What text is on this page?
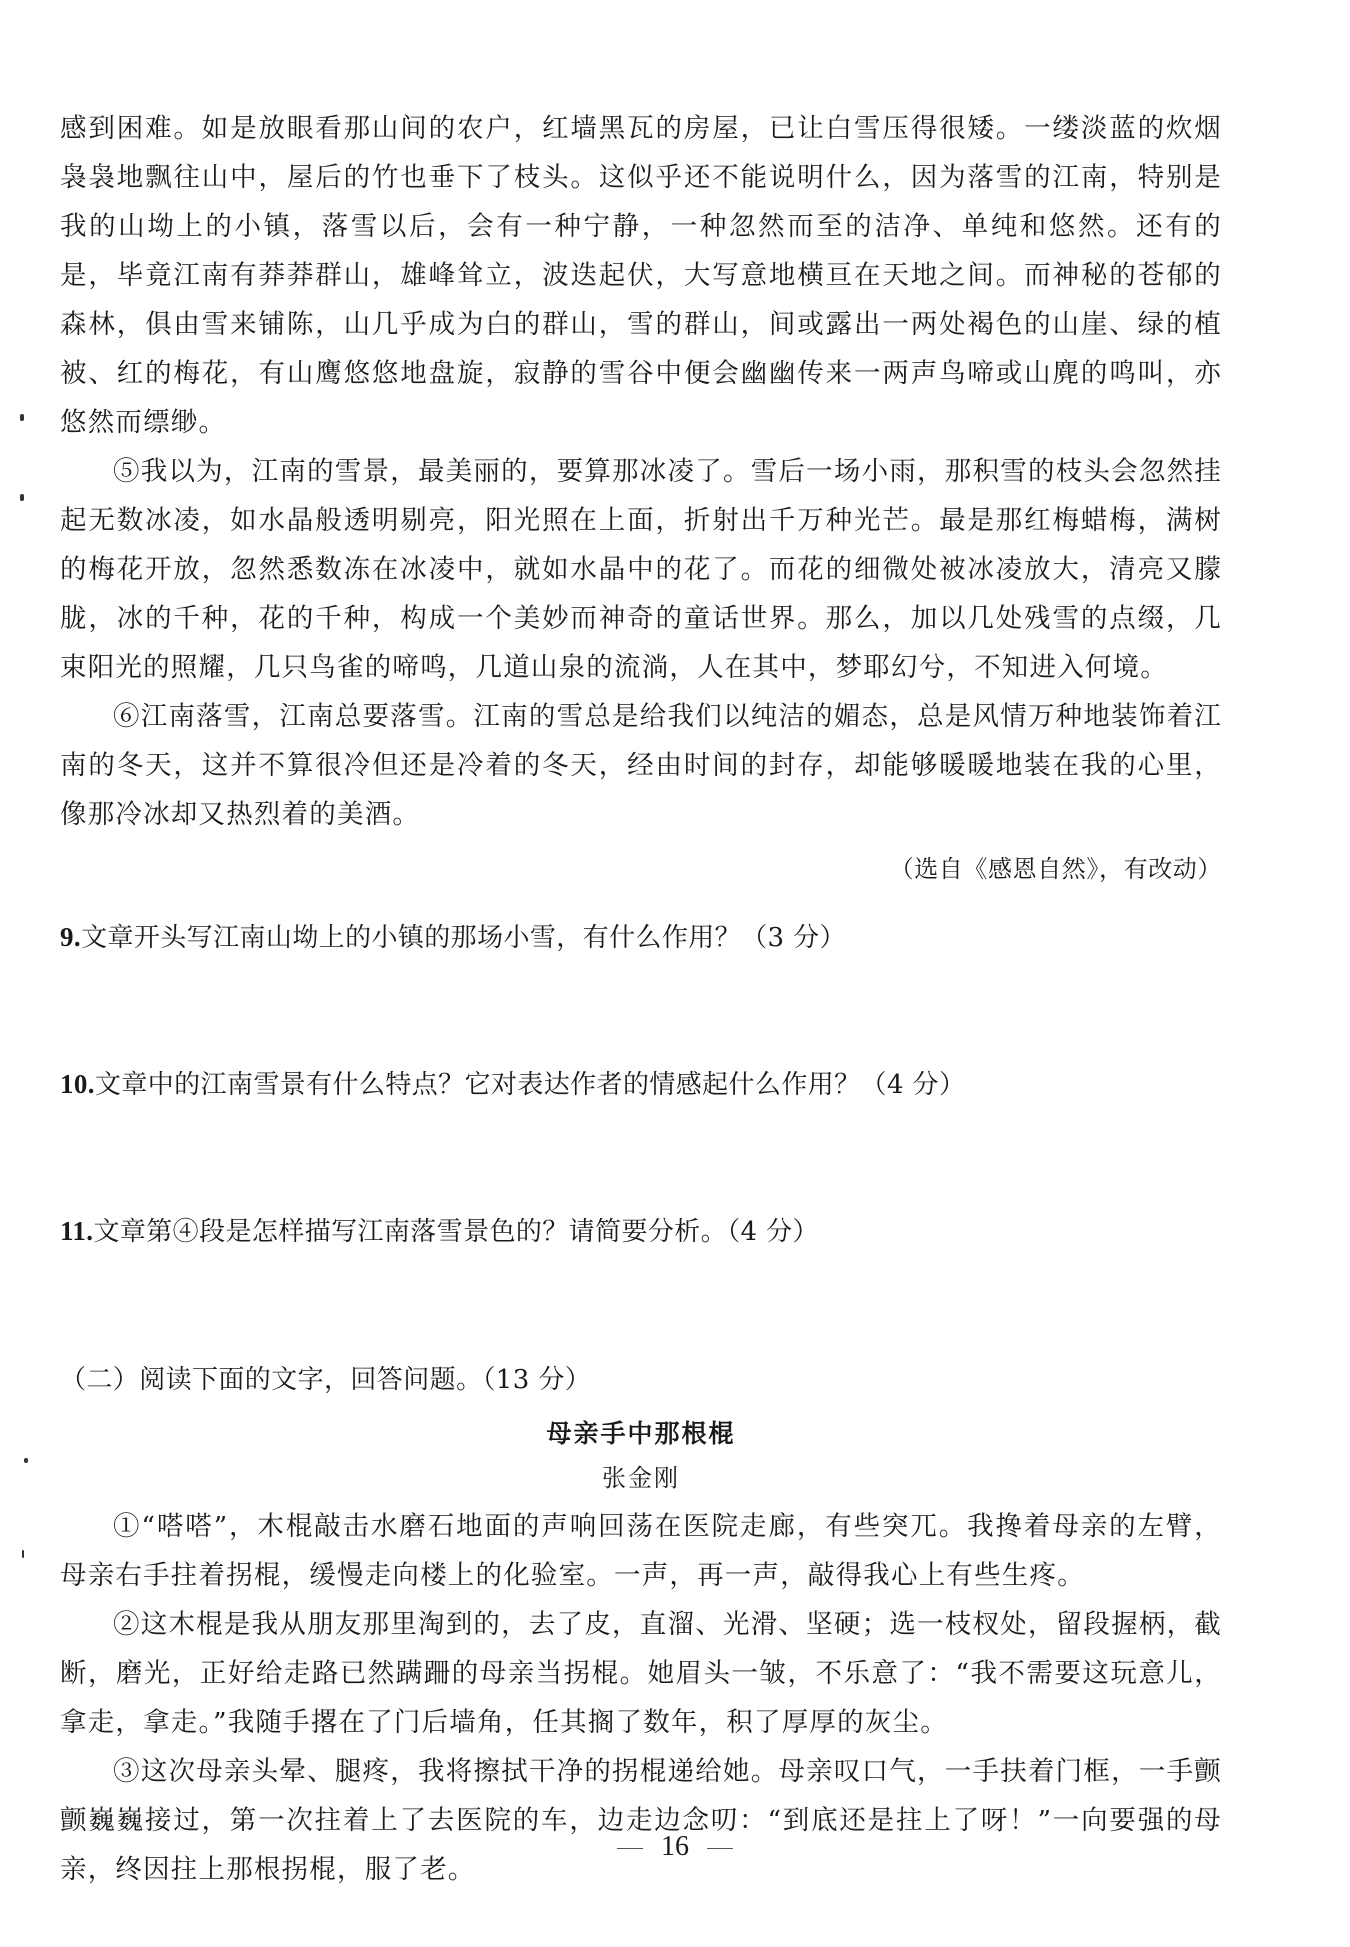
感到困难。如是放眼看那山间的农户，红墙黑瓦的房屋，已让白雪压得很矮。一缕淡蓝的炊烟袅袅地飘往山中，屋后的竹也垂下了枝头。这似乎还不能说明什么，因为落雪的江南，特别是我的山坳上的小镇，落雪以后，会有一种宁静，一种忽然而至的洁净、单纯和悠然。还有的是，毕竟江南有莽莽群山，雄峰耸立，波迭起伏，大写意地横亘在天地之间。而神秘的苍郁的森林，俱由雪来铺陈，山几乎成为白的群山，雪的群山，间或露出一两处褐色的山崖、绿的植被、红的梅花，有山鹰悠悠地盘旋，寂静的雪谷中便会幽幽传来一两声鸟啼或山麂的鸣叫，亦悠然而缥缈。

⑤我以为，江南的雪景，最美丽的，要算那冰凌了。雪后一场小雨，那积雪的枝头会忽然挂起无数冰凌，如水晶般透明剔亮，阳光照在上面，折射出千万种光芒。最是那红梅蜡梅，满树的梅花开放，忽然悉数冻在冰凌中，就如水晶中的花了。而花的细微处被冰凌放大，清亮又朦胧，冰的千种，花的千种，构成一个美妙而神奇的童话世界。那么，加以几处残雪的点缀，几束阳光的照耀，几只鸟雀的啼鸣，几道山泉的流淌，人在其中，梦耶幻兮，不知进入何境。

⑥江南落雪，江南总要落雪。江南的雪总是给我们以纯洁的媚态，总是风情万种地装饰着江南的冬天，这并不算很冷但还是冷着的冬天，经由时间的封存，却能够暖暖地装在我的心里，像那冷冰却又热烈着的美酒。

（选自《感恩自然》，有改动）

9.文章开头写江南山坳上的小镇的那场小雪，有什么作用？（3 分）

10.文章中的江南雪景有什么特点？它对表达作者的情感起什么作用？（4 分）

11.文章第④段是怎样描写江南落雪景色的？请简要分析。（4 分）

（二）阅读下面的文字，回答问题。（13 分）

母亲手中那根棍

张金刚

①“嗒嗒”，木棍敲击水磨石地面的声响回荡在医院走廊，有些突兀。我搀着母亲的左臂，母亲右手拄着拐棍，缓慢走向楼上的化验室。一声，再一声，敲得我心上有些生疼。

②这木棍是我从朋友那里淘到的，去了皮，直溜、光滑、坚硬；选一枝杈处，留段握柄，截断，磨光，正好给走路已然蹒跚的母亲当拐棍。她眉头一皱，不乐意了：“我不需要这玩意儿，拿走，拿走。”我随手撂在了门后墙角，任其搁了数年，积了厚厚的灰尘。

③这次母亲头晕、腿疼，我将擦拭干净的拐棍递给她。母亲叹口气，一手扶着门框，一手颤颤巍巍接过，第一次拄着上了去医院的车，边走边念叨：“到底还是拄上了呀！”一向要强的母亲，终因拄上那根拐棍，服了老。

16
